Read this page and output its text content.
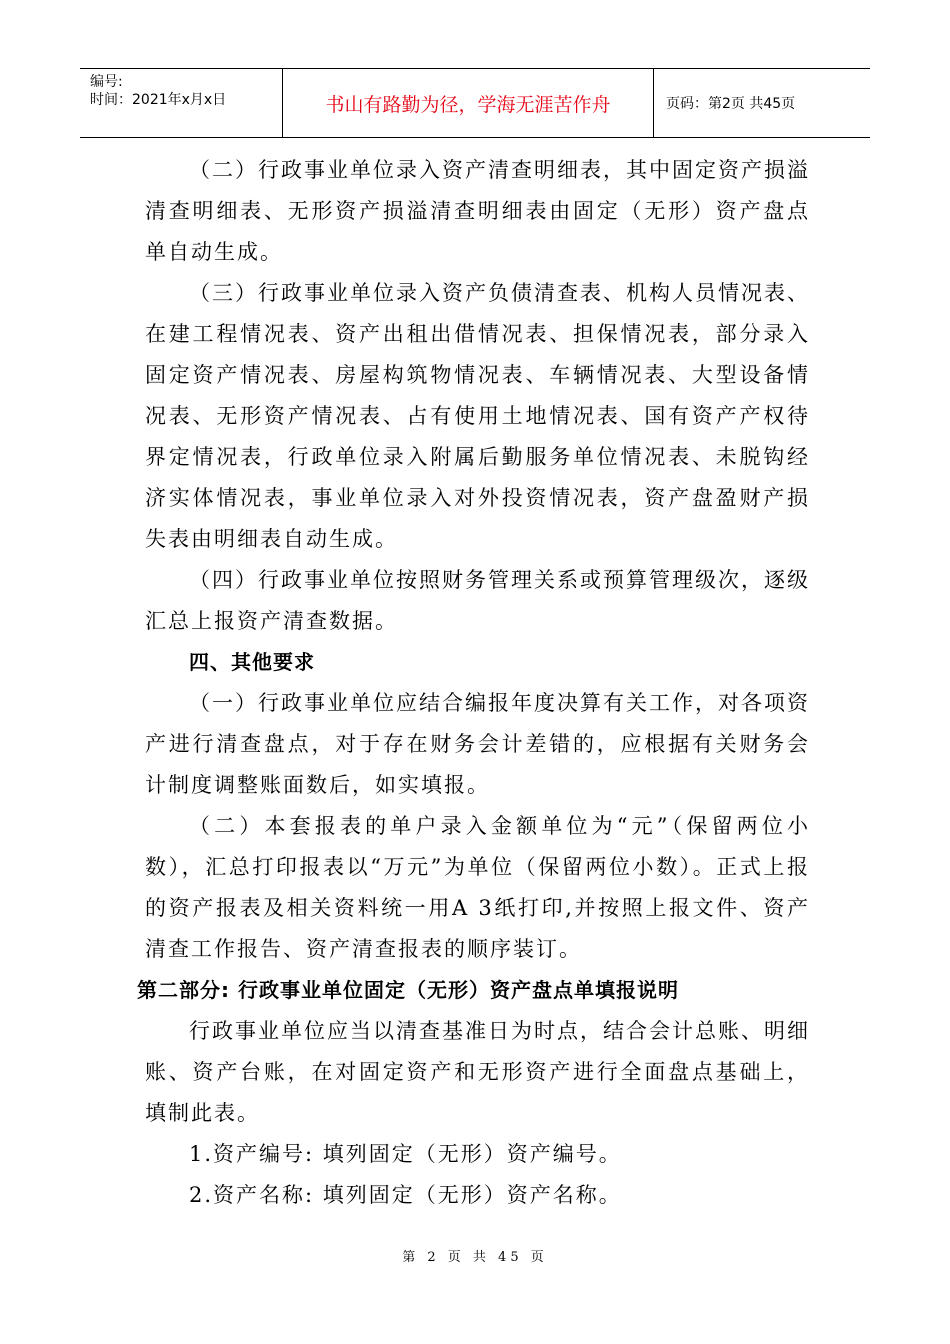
编号:
时间：2021年x月x日	书山有路勤为径，学海无涯苦作舟	页码：第2页 共45页

（二）行政事业单位录入资产清查明细表，其中固定资产损溢清查明细表、无形资产损溢清查明细表由固定（无形）资产盘点单自动生成。

（三）行政事业单位录入资产负债清查表、机构人员情况表、在建工程情况表、资产出租出借情况表、担保情况表，部分录入固定资产情况表、房屋构筑物情况表、车辆情况表、大型设备情况表、无形资产情况表、占有使用土地情况表、国有资产产权待界定情况表，行政单位录入附属后勤服务单位情况表、未脱钩经济实体情况表，事业单位录入对外投资情况表，资产盘盈财产损失表由明细表自动生成。

（四）行政事业单位按照财务管理关系或预算管理级次，逐级汇总上报资产清查数据。

四、其他要求

（一）行政事业单位应结合编报年度决算有关工作，对各项资产进行清查盘点，对于存在财务会计差错的，应根据有关财务会计制度调整账面数后，如实填报。

（二）本套报表的单户录入金额单位为“元”（保留两位小数），汇总打印报表以“万元”为单位（保留两位小数）。正式上报的资产报表及相关资料统一用A 3纸打印,并按照上报文件、资产清查工作报告、资产清查报表的顺序装订。

第二部分: 行政事业单位固定（无形）资产盘点单填报说明

行政事业单位应当以清查基准日为时点，结合会计总账、明细账、资产台账，在对固定资产和无形资产进行全面盘点基础上，填制此表。

1.资产编号: 填列固定（无形）资产编号。

2.资产名称: 填列固定（无形）资产名称。

第 2 页 共 45 页
